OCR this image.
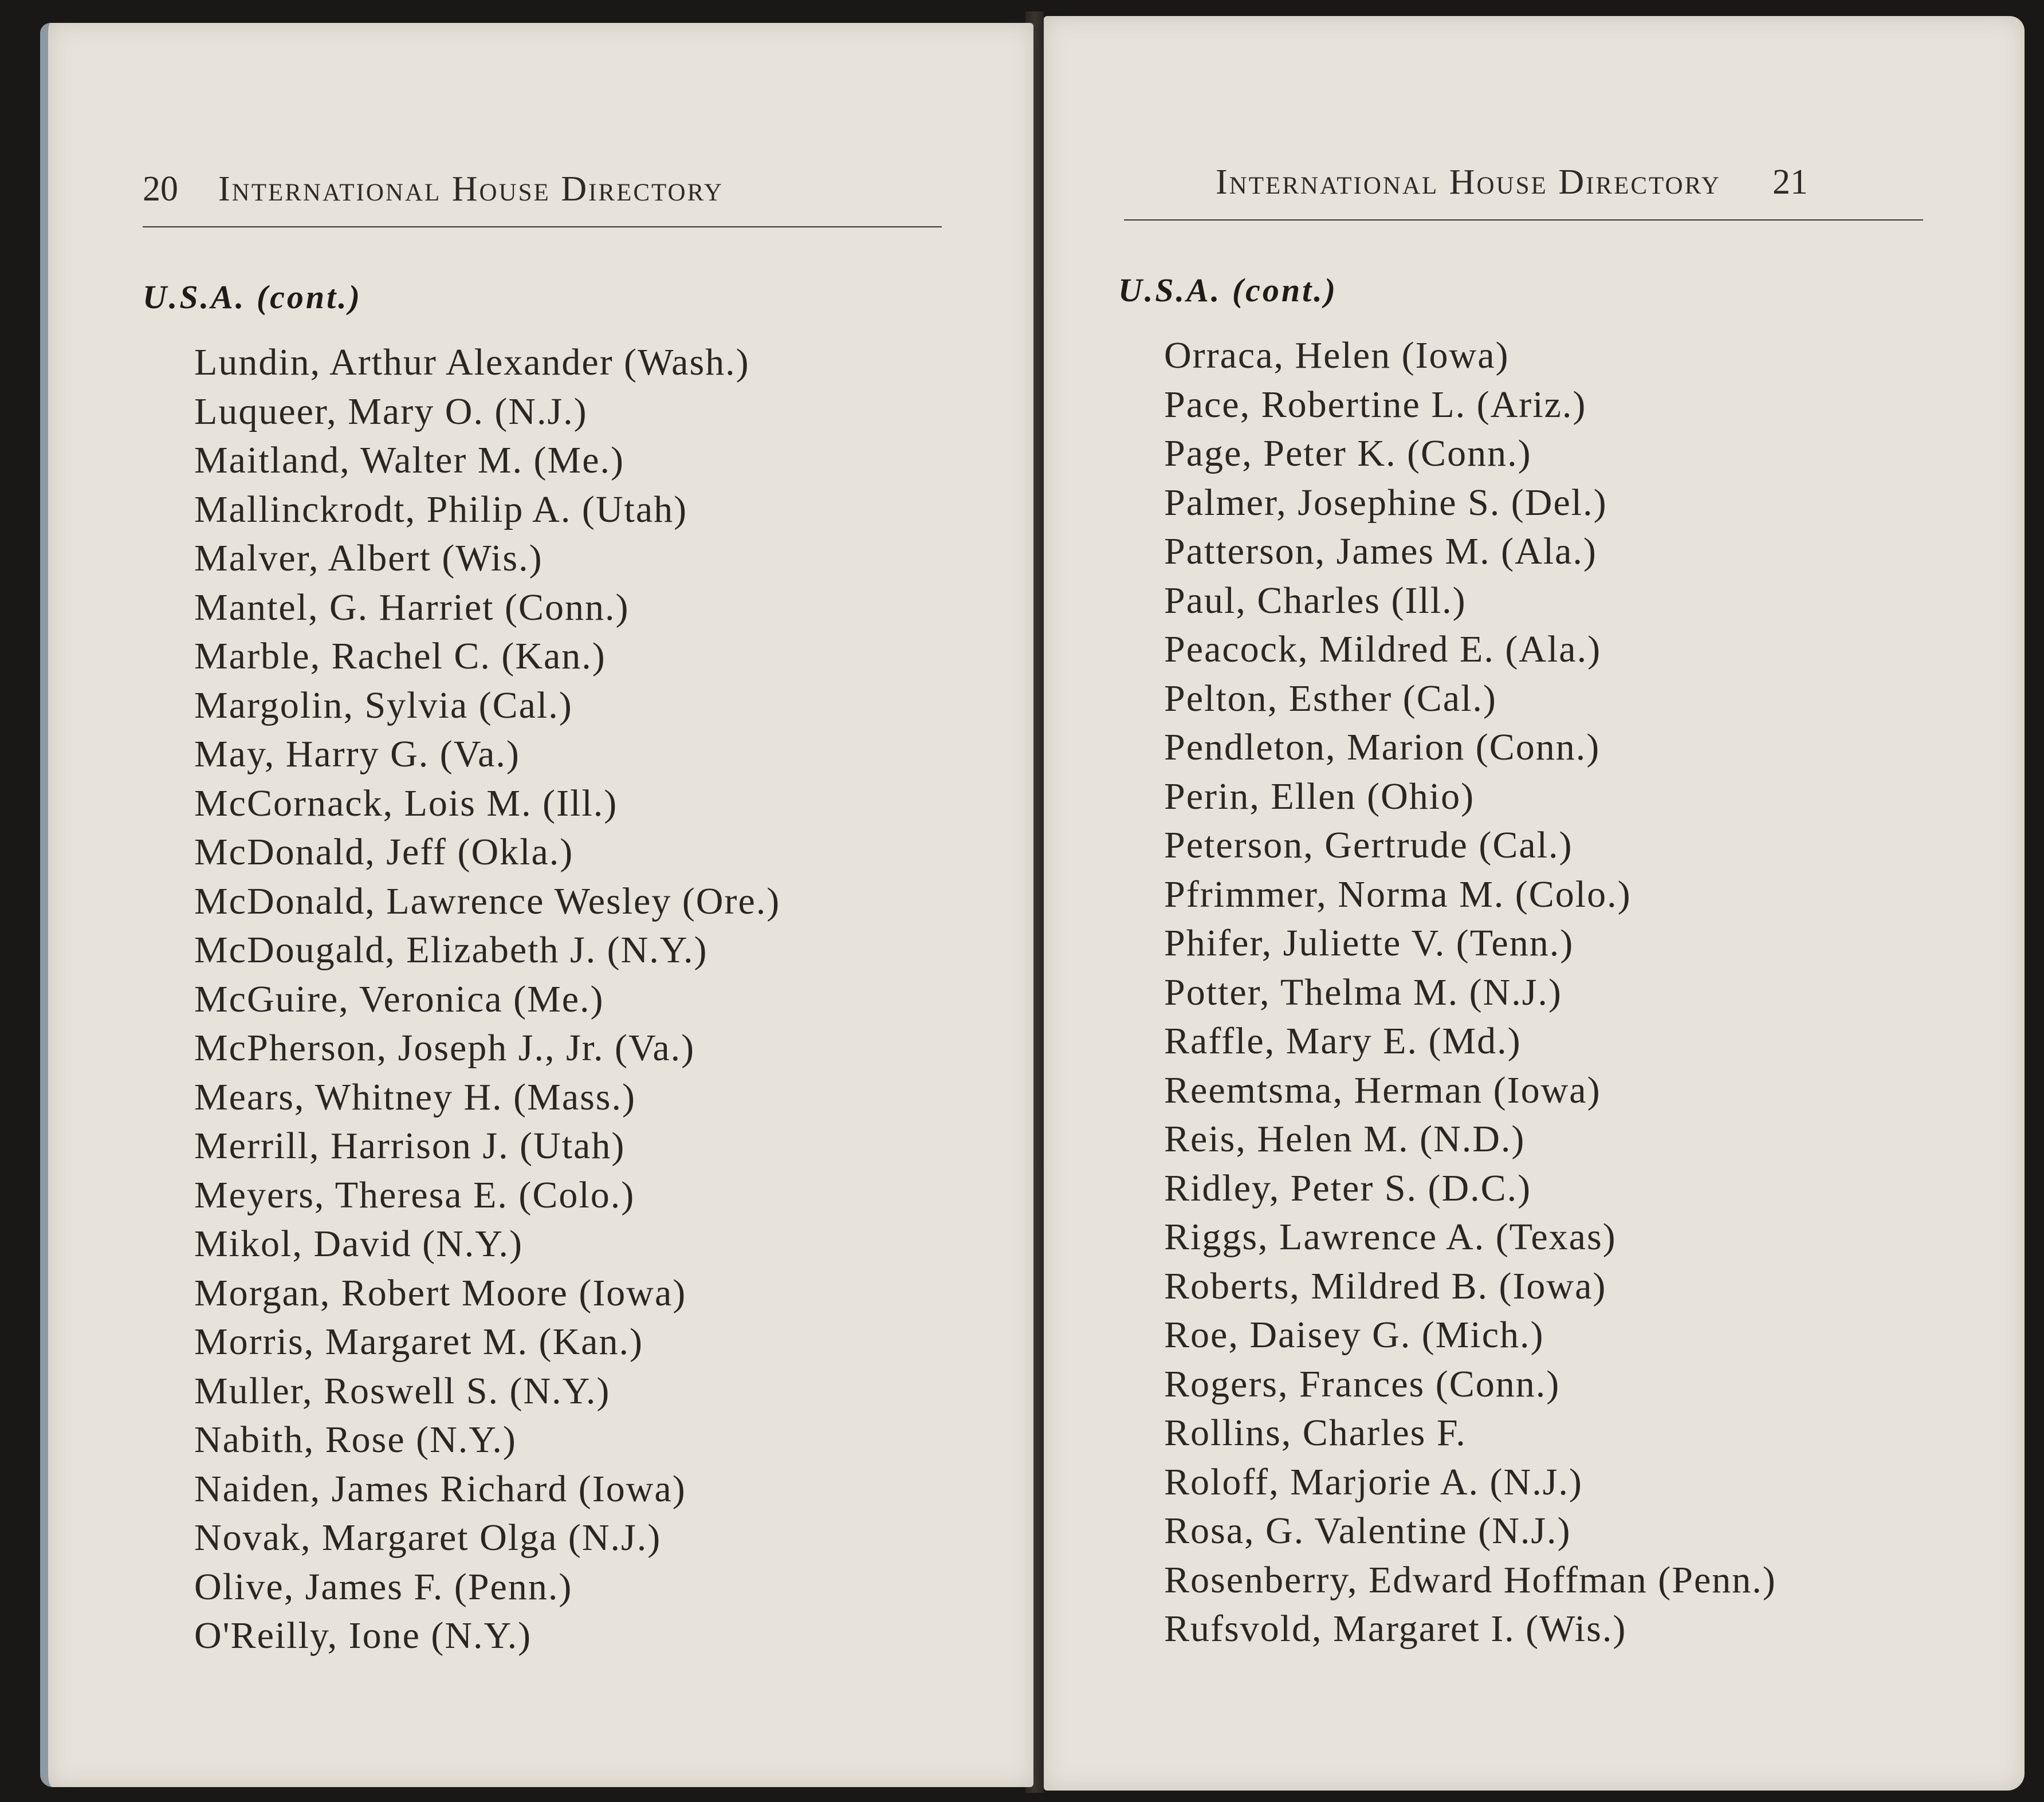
20 International House Directory
U.S.A. (cont.)
Lundin, Arthur Alexander (Wash.)
Luqueer, Mary O. (N.J.)
Maitland, Walter M. (Me.)
Mallinckrodt, Philip A. (Utah)
Malver, Albert (Wis.)
Mantel, G. Harriet (Conn.)
Marble, Rachel C. (Kan.)
Margolin, Sylvia (Cal.)
May, Harry G. (Va.)
McCornack, Lois M. (Ill.)
McDonald, Jeff (Okla.)
McDonald, Lawrence Wesley (Ore.)
McDougald, Elizabeth J. (N.Y.)
McGuire, Veronica (Me.)
McPherson, Joseph J., Jr. (Va.)
Mears, Whitney H. (Mass.)
Merrill, Harrison J. (Utah)
Meyers, Theresa E. (Colo.)
Mikol, David (N.Y.)
Morgan, Robert Moore (Iowa)
Morris, Margaret M. (Kan.)
Muller, Roswell S. (N.Y.)
Nabith, Rose (N.Y.)
Naiden, James Richard (Iowa)
Novak, Margaret Olga (N.J.)
Olive, James F. (Penn.)
O'Reilly, Ione (N.Y.)
International House Directory 21
U.S.A. (cont.)
Orraca, Helen (Iowa)
Pace, Robertine L. (Ariz.)
Page, Peter K. (Conn.)
Palmer, Josephine S. (Del.)
Patterson, James M. (Ala.)
Paul, Charles (Ill.)
Peacock, Mildred E. (Ala.)
Pelton, Esther (Cal.)
Pendleton, Marion (Conn.)
Perin, Ellen (Ohio)
Peterson, Gertrude (Cal.)
Pfrimmer, Norma M. (Colo.)
Phifer, Juliette V. (Tenn.)
Potter, Thelma M. (N.J.)
Raffle, Mary E. (Md.)
Reemtsma, Herman (Iowa)
Reis, Helen M. (N.D.)
Ridley, Peter S. (D.C.)
Riggs, Lawrence A. (Texas)
Roberts, Mildred B. (Iowa)
Roe, Daisey G. (Mich.)
Rogers, Frances (Conn.)
Rollins, Charles F.
Roloff, Marjorie A. (N.J.)
Rosa, G. Valentine (N.J.)
Rosenberry, Edward Hoffman (Penn.)
Rufsvold, Margaret I. (Wis.)
